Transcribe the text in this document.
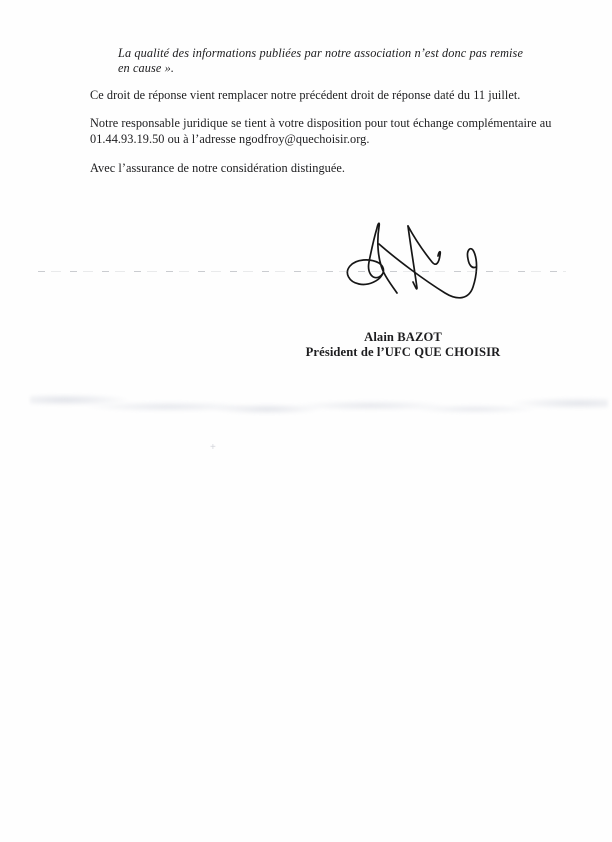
La qualité des informations publiées par notre association n’est donc pas remise
en cause ».

Ce droit de réponse vient remplacer notre précédent droit de réponse daté du 11 juillet.

Notre responsable juridique se tient à votre disposition pour tout échange complémentaire au
01.44.93.19.50 ou à l’adresse ngodfroy@quechoisir.org.

Avec l’assurance de notre considération distinguée.

Alain BAZOT
Président de l’UFC QUE CHOISIR
+
